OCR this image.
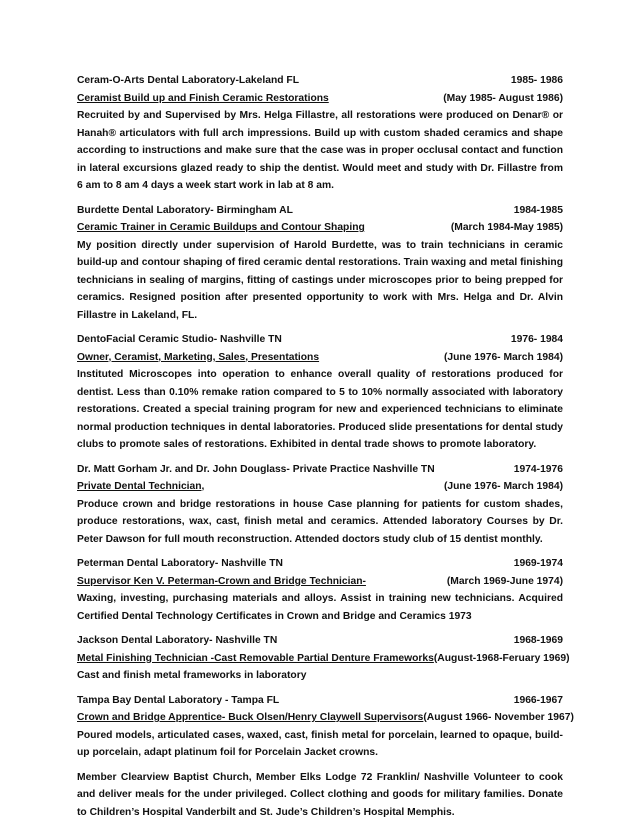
Ceram-O-Arts Dental Laboratory-Lakeland FL	1985- 1986
Ceramist Build up and Finish Ceramic Restorations	(May 1985- August 1986)

Recruited by and Supervised by Mrs. Helga Fillastre, all restorations were produced on Denar® or Hanah® articulators with full arch impressions. Build up with custom shaded ceramics and shape according to instructions and make sure that the case was in proper occlusal contact and function in lateral excursions glazed ready to ship the dentist. Would meet and study with Dr. Fillastre from 6 am to 8 am 4 days a week start work in lab at 8 am.

Burdette Dental Laboratory- Birmingham AL	1984-1985
Ceramic Trainer in Ceramic Buildups and Contour Shaping	(March 1984-May 1985)

My position directly under supervision of Harold Burdette, was to train technicians in ceramic build-up and contour shaping of fired ceramic dental restorations. Train waxing and metal finishing technicians in sealing of margins, fitting of castings under microscopes prior to being prepped for ceramics. Resigned position after presented opportunity to work with Mrs. Helga and Dr. Alvin Fillastre in Lakeland, FL.

DentoFacial Ceramic Studio- Nashville TN	1976- 1984
Owner, Ceramist, Marketing, Sales, Presentations	(June 1976- March 1984)

Instituted Microscopes into operation to enhance overall quality of restorations produced for dentist. Less than 0.10% remake ration compared to 5 to 10% normally associated with laboratory restorations. Created a special training program for new and experienced technicians to eliminate normal production techniques in dental laboratories. Produced slide presentations for dental study clubs to promote sales of restorations. Exhibited in dental trade shows to promote laboratory.

Dr. Matt Gorham Jr. and Dr. John Douglass- Private Practice Nashville TN	1974-1976
Private Dental Technician,	(June 1976- March 1984)

Produce crown and bridge restorations in house Case planning for patients for custom shades, produce restorations, wax, cast, finish metal and ceramics. Attended laboratory Courses by Dr. Peter Dawson for full mouth reconstruction. Attended doctors study club of 15 dentist monthly.

Peterman Dental Laboratory- Nashville TN	1969-1974
Supervisor Ken V. Peterman-Crown and Bridge Technician-	(March 1969-June 1974)

Waxing, investing, purchasing materials and alloys. Assist in training new technicians. Acquired Certified Dental Technology Certificates in Crown and Bridge and Ceramics 1973

Jackson Dental Laboratory- Nashville TN	1968-1969
Metal Finishing Technician -Cast Removable Partial Denture Frameworks (August-1968-Feruary 1969)

Cast and finish metal frameworks in laboratory

Tampa Bay Dental Laboratory - Tampa FL	1966-1967
Crown and Bridge Apprentice- Buck Olsen/Henry Claywell Supervisors (August 1966- November 1967)

Poured models, articulated cases, waxed, cast, finish metal for porcelain, learned to opaque, build-up porcelain, adapt platinum foil for Porcelain Jacket crowns.

Member Clearview Baptist Church, Member Elks Lodge 72 Franklin/ Nashville Volunteer to cook and deliver meals for the under privileged. Collect clothing and goods for military families. Donate to Children’s Hospital Vanderbilt and St. Jude’s Children’s Hospital Memphis.
